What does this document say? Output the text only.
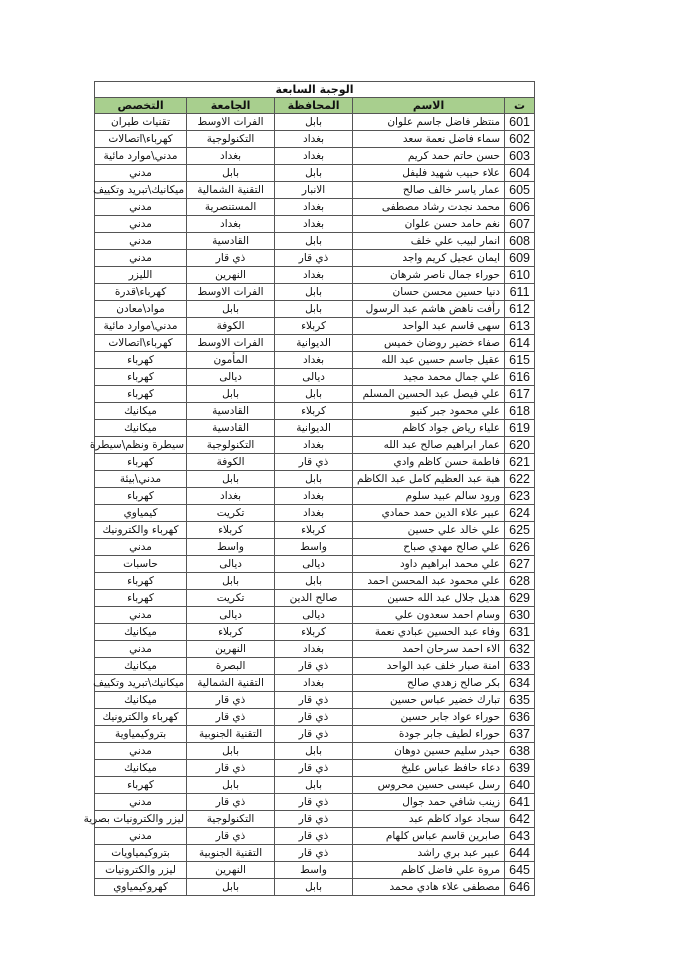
الوجبة السابعة				
ت	الاسم	المحافظة	الجامعة	التخصص
601	منتظر فاضل جاسم علوان	بابل	الفرات الاوسط	تقنيات طيران
602	سماء فاضل نعمة سعد	بغداد	التكنولوجية	كهرباء\اتصالات
603	حسن حاتم حمد كريم	بغداد	بغداد	مدني\موارد مائية
604	علاء حبيب شهيد فليفل	بابل	بابل	مدني
605	عمار ياسر خالف صالح	الانبار	التقنية الشمالية	ميكانيك\تبريد وتكييف
606	محمد نجدت رشاد مصطفى	بغداد	المستنصرية	مدني
607	نغم حامد حسن علوان	بغداد	بغداد	مدني
608	انمار لبيب علي خلف	بابل	القادسية	مدني
609	ايمان عجيل كريم واجد	ذي قار	ذي قار	مدني
610	حوراء جمال ناصر شرهان	بغداد	النهرين	الليزر
611	دنيا حسين محسن حسان	بابل	الفرات الاوسط	كهرباء\قدرة
612	رأفت ناهض هاشم عبد الرسول	بابل	بابل	مواد\معادن
613	سهى قاسم عبد الواحد	كربلاء	الكوفة	مدني\موارد مائية
614	صفاء خضير روضان خميس	الديوانية	الفرات الاوسط	كهرباء\اتصالات
615	عقيل جاسم حسين عبد الله	بغداد	المأمون	كهرباء
616	علي جمال محمد مجيد	ديالى	ديالى	كهرباء
617	علي فيصل عبد الحسين المسلم	بابل	بابل	كهرباء
618	علي محمود جبر كنيو	كربلاء	القادسية	ميكانيك
619	علياء رياض جواد كاظم	الديوانية	القادسية	ميكانيك
620	عمار ابراهيم صالح عبد الله	بغداد	التكنولوجية	سيطرة ونظم\سيطرة
621	فاطمة حسن كاظم وادي	ذي قار	الكوفة	كهرباء
622	هبة عبد العظيم كامل عبد الكاظم	بابل	بابل	مدني\بيئة
623	ورود سالم عبيد سلوم	بغداد	بغداد	كهرباء
624	عبير علاء الدين حمد حمادي	بغداد	تكريت	كيمياوي
625	علي خالد علي حسين	كربلاء	كربلاء	كهرباء والكترونيك
626	علي صالح مهدي صباح	واسط	واسط	مدني
627	علي محمد ابراهيم داود	ديالى	ديالى	حاسبات
628	علي محمود عبد المحسن احمد	بابل	بابل	كهرباء
629	هديل جلال عبد الله حسين	صالح الدين	تكريت	كهرباء
630	وسام احمد سعدون علي	ديالى	ديالى	مدني
631	وفاء عبد الحسين عبادي نعمة	كربلاء	كربلاء	ميكانيك
632	الاء احمد سرحان احمد	بغداد	النهرين	مدني
633	امنة صبار خلف عبد الواحد	ذي قار	البصرة	ميكانيك
634	بكر صالح زهدي صالح	بغداد	التقنية الشمالية	ميكانيك\تبريد وتكييف
635	تبارك خضير عباس حسين	ذي قار	ذي قار	ميكانيك
636	حوراء عواد جابر حسين	ذي قار	ذي قار	كهرباء والكترونيك
637	حوراء لطيف جابر جودة	ذي قار	التقنية الجنوبية	بتروكيمياوية
638	حيدر سليم حسين دوهان	بابل	بابل	مدني
639	دعاء حافظ عباس عليخ	ذي قار	ذي قار	ميكانيك
640	رسل عيسى حسين محروس	بابل	بابل	كهرباء
641	زينب شافي حمد جوال	ذي قار	ذي قار	مدني
642	سجاد عواد كاظم عبد	ذي قار	التكنولوجية	ليزر والكترونيات بصرية
643	صابرين قاسم عباس كلهام	ذي قار	ذي قار	مدني
644	عبير عبد بري راشد	ذي قار	التقنية الجنوبية	بتروكيمياويات
645	مروة علي فاضل كاظم	واسط	النهرين	ليزر والكترونيات
646	مصطفى علاء هادي محمد	بابل	بابل	كهروكيمياوي
